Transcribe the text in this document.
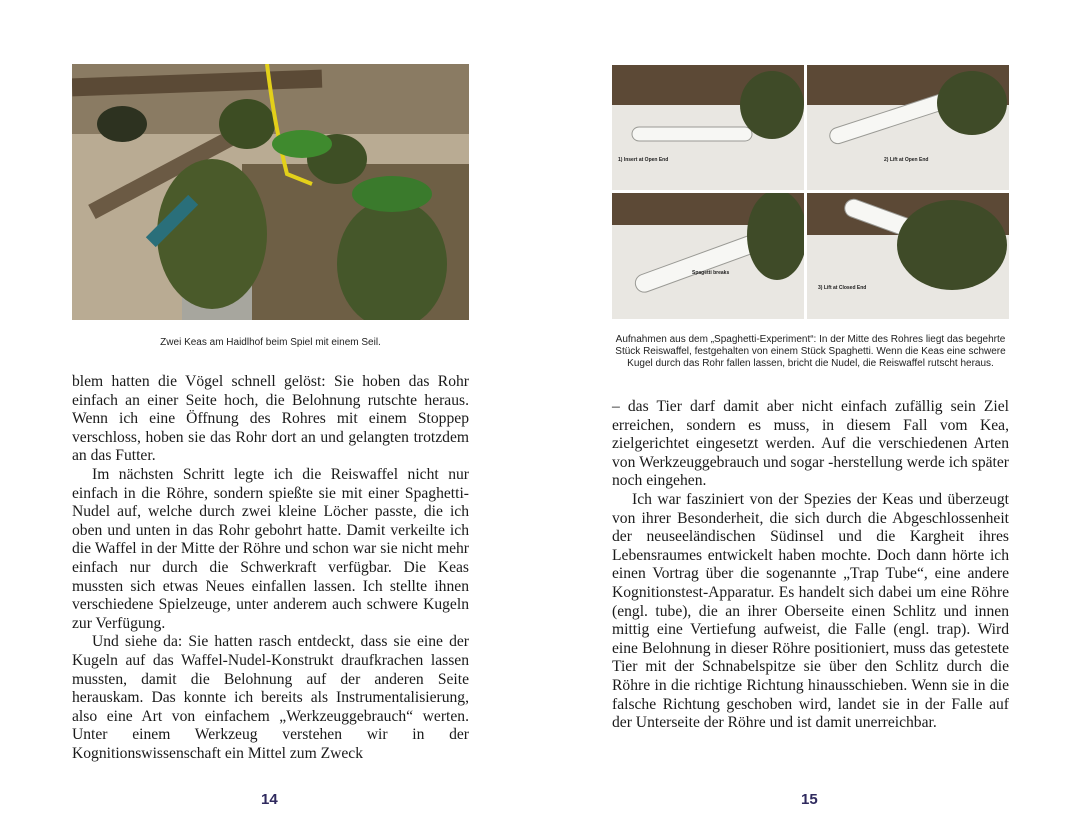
Zwei Keas am Haidlhof beim Spiel mit einem Seil.

blem hatten die Vögel schnell gelöst: Sie hoben das Rohr einfach an einer Seite hoch, die Belohnung rutschte heraus. Wenn ich eine Öffnung des Rohres mit einem Stoppер verschloss, hoben sie das Rohr dort an und gelangten trotzdem an das Futter.

Im nächsten Schritt legte ich die Reiswaffel nicht nur einfach in die Röhre, sondern spießte sie mit einer Spaghetti-Nudel auf, welche durch zwei kleine Löcher passte, die ich oben und unten in das Rohr gebohrt hatte. Damit verkeilte ich die Waffel in der Mitte der Röhre und schon war sie nicht mehr einfach nur durch die Schwerkraft verfügbar. Die Keas mussten sich etwas Neues einfallen lassen. Ich stellte ihnen verschiedene Spielzeuge, unter anderem auch schwere Kugeln zur Verfügung.

Und siehe da: Sie hatten rasch entdeckt, dass sie eine der Kugeln auf das Waffel-Nudel-Konstrukt draufkrachen lassen mussten, damit die Belohnung auf der anderen Seite herauskam. Das konnte ich bereits als Instrumentalisierung, also eine Art von einfachem „Werkzeuggebrauch“ werten. Unter einem Werkzeug verstehen wir in der Kognitionswissenschaft ein Mittel zum Zweck

14
1) Insert at Open End	2) Lift at Open End
Spagetti breaks
3) Lift at Closed End
Aufnahmen aus dem „Spaghetti-Experiment“: In der Mitte des Rohres liegt das begehrte Stück Reiswaffel, festgehalten von einem Stück Spaghetti. Wenn die Keas eine schwere Kugel durch das Rohr fallen lassen, bricht die Nudel, die Reiswaffel rutscht heraus.

– das Tier darf damit aber nicht einfach zufällig sein Ziel erreichen, sondern es muss, in diesem Fall vom Kea, zielgerichtet eingesetzt werden. Auf die verschiedenen Arten von Werkzeuggebrauch und sogar -herstellung werde ich später noch eingehen.

Ich war fasziniert von der Spezies der Keas und überzeugt von ihrer Besonderheit, die sich durch die Abgeschlossenheit der neuseeländischen Südinsel und die Kargheit ihres Lebensraumes entwickelt haben mochte. Doch dann hörte ich einen Vortrag über die sogenannte „Trap Tube“, eine andere Kognitionstest-Apparatur. Es handelt sich dabei um eine Röhre (engl. tube), die an ihrer Oberseite einen Schlitz und innen mittig eine Vertiefung aufweist, die Falle (engl. trap). Wird eine Belohnung in dieser Röhre positioniert, muss das getestete Tier mit der Schnabelspitze sie über den Schlitz durch die Röhre in die richtige Richtung hinausschieben. Wenn sie in die falsche Richtung geschoben wird, landet sie in der Falle auf der Unterseite der Röhre und ist damit unerreichbar.

15
